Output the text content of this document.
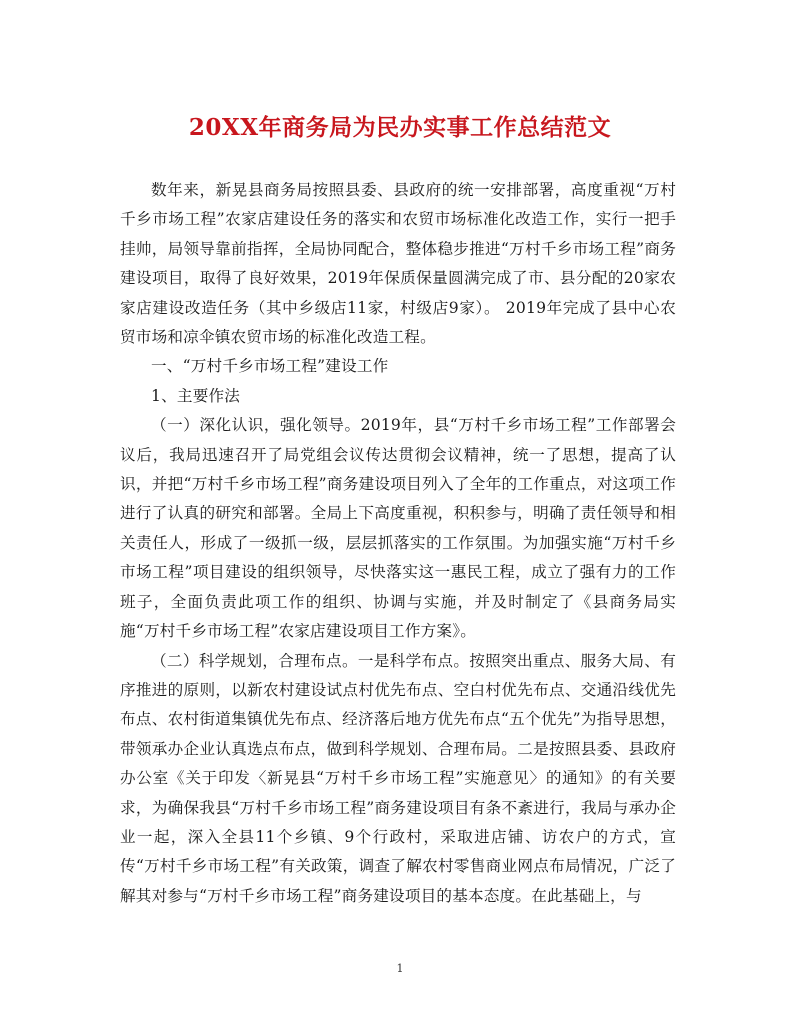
20XX年商务局为民办实事工作总结范文

数年来，新晃县商务局按照县委、县政府的统一安排部署，高度重视“万村千乡市场工程”农家店建设任务的落实和农贸市场标准化改造工作，实行一把手挂帅，局领导靠前指挥，全局协同配合，整体稳步推进“万村千乡市场工程”商务建设项目，取得了良好效果，2019年保质保量圆满完成了市、县分配的20家农家店建设改造任务（其中乡级店11家，村级店9家）。 2019年完成了县中心农贸市场和凉伞镇农贸市场的标准化改造工程。

一、“万村千乡市场工程”建设工作

1、主要作法

（一）深化认识，强化领导。2019年，县“万村千乡市场工程”工作部署会议后，我局迅速召开了局党组会议传达贯彻会议精神，统一了思想，提高了认识，并把“万村千乡市场工程”商务建设项目列入了全年的工作重点，对这项工作进行了认真的研究和部署。全局上下高度重视，积积参与，明确了责任领导和相关责任人，形成了一级抓一级，层层抓落实的工作氛围。为加强实施“万村千乡市场工程”项目建设的组织领导，尽快落实这一惠民工程，成立了强有力的工作班子，全面负责此项工作的组织、协调与实施，并及时制定了《县商务局实施“万村千乡市场工程”农家店建设项目工作方案》。

（二）科学规划，合理布点。一是科学布点。按照突出重点、服务大局、有序推进的原则，以新农村建设试点村优先布点、空白村优先布点、交通沿线优先布点、农村街道集镇优先布点、经济落后地方优先布点“五个优先”为指导思想，带领承办企业认真选点布点，做到科学规划、合理布局。二是按照县委、县政府办公室《关于印发〈新晃县“万村千乡市场工程”实施意见〉的通知》的有关要求，为确保我县“万村千乡市场工程”商务建设项目有条不紊进行，我局与承办企业一起，深入全县11个乡镇、9个行政村，采取进店铺、访农户的方式，宣传“万村千乡市场工程”有关政策，调查了解农村零售商业网点布局情况，广泛了解其对参与“万村千乡市场工程”商务建设项目的基本态度。在此基础上，与

1
